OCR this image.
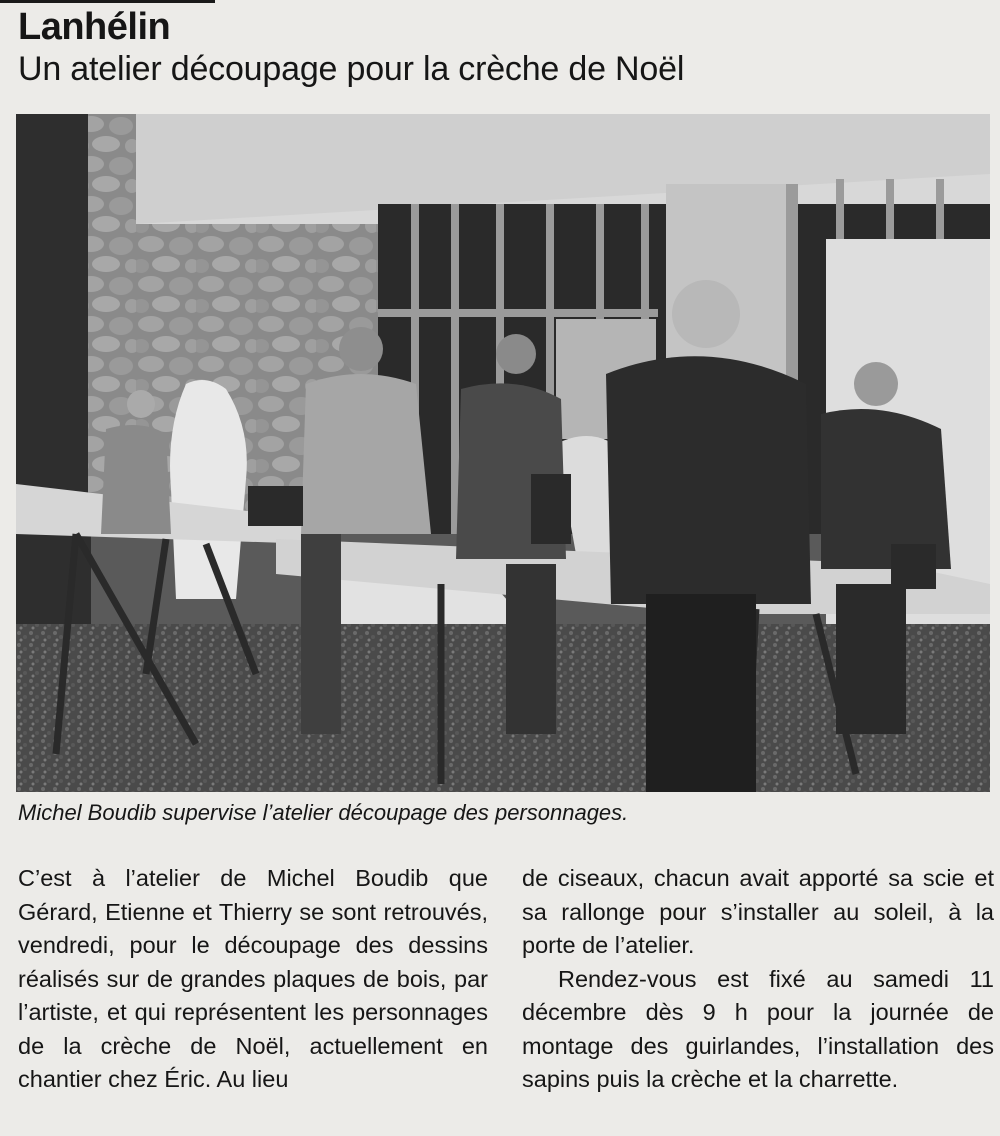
Lanhélin
Un atelier découpage pour la crèche de Noël
Michel Boudib supervise l’atelier découpage des personnages.

C’est à l’atelier de Michel Boudib que Gérard, Etienne et Thierry se sont retrouvés, vendredi, pour le découpage des dessins réalisés sur de grandes plaques de bois, par l’artiste, et qui représentent les personnages de la crèche de Noël, actuellement en chantier chez Éric. Au lieu

de ciseaux, chacun avait apporté sa scie et sa rallonge pour s’installer au soleil, à la porte de l’atelier.

Rendez-vous est fixé au samedi 11 décembre dès 9 h pour la journée de montage des guirlandes, l’installation des sapins puis la crèche et la charrette.
